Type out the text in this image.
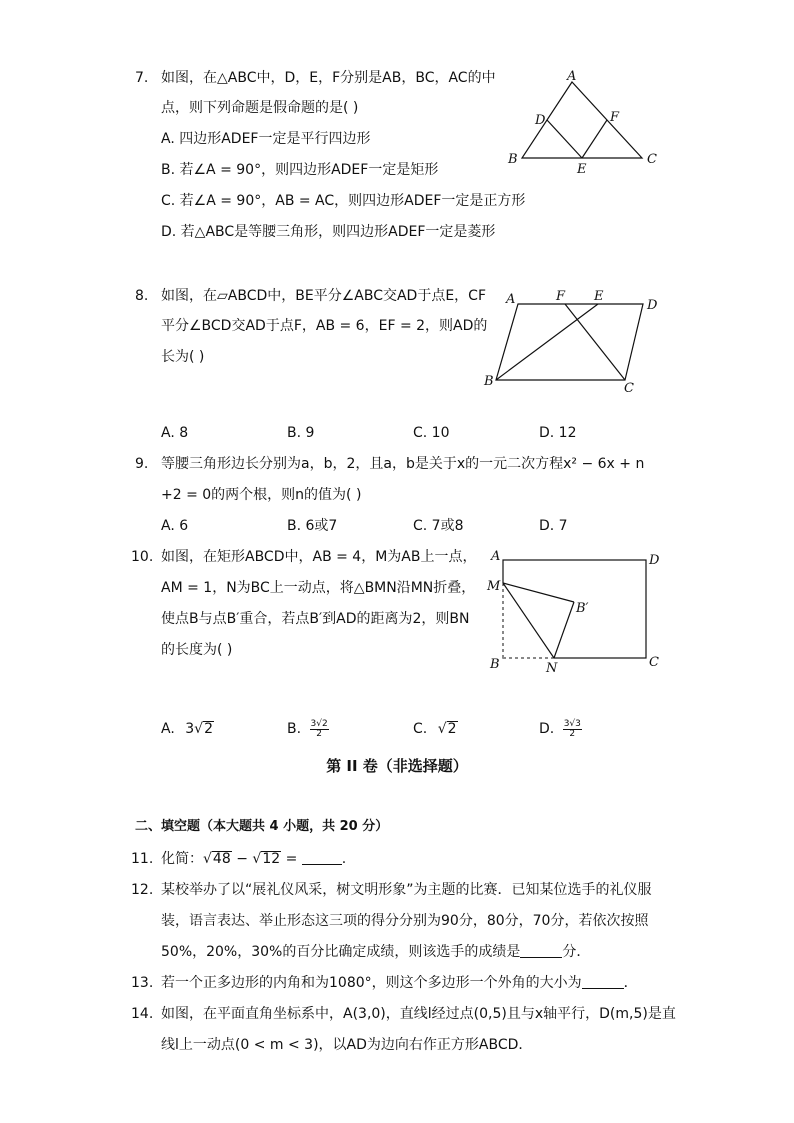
7. 如图，在△ABC中，D，E，F分别是AB，BC，AC的中
点，则下列命题是假命题的是( )
A. 四边形ADEF一定是平行四边形
B. 若∠A = 90°，则四边形ADEF一定是矩形
C. 若∠A = 90°，AB = AC，则四边形ADEF一定是正方形
D. 若△ABC是等腰三角形，则四边形ADEF一定是菱形
A
D	F
B
E
C
8. 如图，在▱ABCD中，BE平分∠ABC交AD于点E，CF
平分∠BCD交AD于点F，AB = 6，EF = 2，则AD的
长为( )
A	F E
D
B	C
A. 8	B. 9	C. 10	D. 12
9. 等腰三角形边长分别为a，b，2，且a，b是关于x的一元二次方程x² − 6x + n
+2 = 0的两个根，则n的值为( )
A. 6	B. 6或7	C. 7或8	D. 7
10. 如图，在矩形ABCD中，AB = 4，M为AB上一点，
AM = 1，N为BC上一动点，将△BMN沿MN折叠，
使点B与点B′重合，若点B′到AD的距离为2，则BN
的长度为( )
A	D
M
B′
B	N	C
A. 3√2	B. $\frac{3√2}{2}$	C. √2	D. $\frac{3√3}{2}$
第 II 卷（非选择题）
二、填空题（本大题共 4 小题，共 20 分）
11. 化简：√48 − √12 =	.
12. 某校举办了以“展礼仪风采，树文明形象”为主题的比赛．已知某位选手的礼仪服
装，语言表达、举止形态这三项的得分分别为90分，80分，70分，若依次按照
50%，20%，30%的百分比确定成绩，则该选手的成绩是	分．
13. 若一个正多边形的内角和为1080°，则这个多边形一个外角的大小为	．
14. 如图，在平面直角坐标系中，A(3,0)，直线l经过点(0,5)且与x轴平行，D(m,5)是直
线l上一动点(0 < m < 3)，以AD为边向右作正方形ABCD．
